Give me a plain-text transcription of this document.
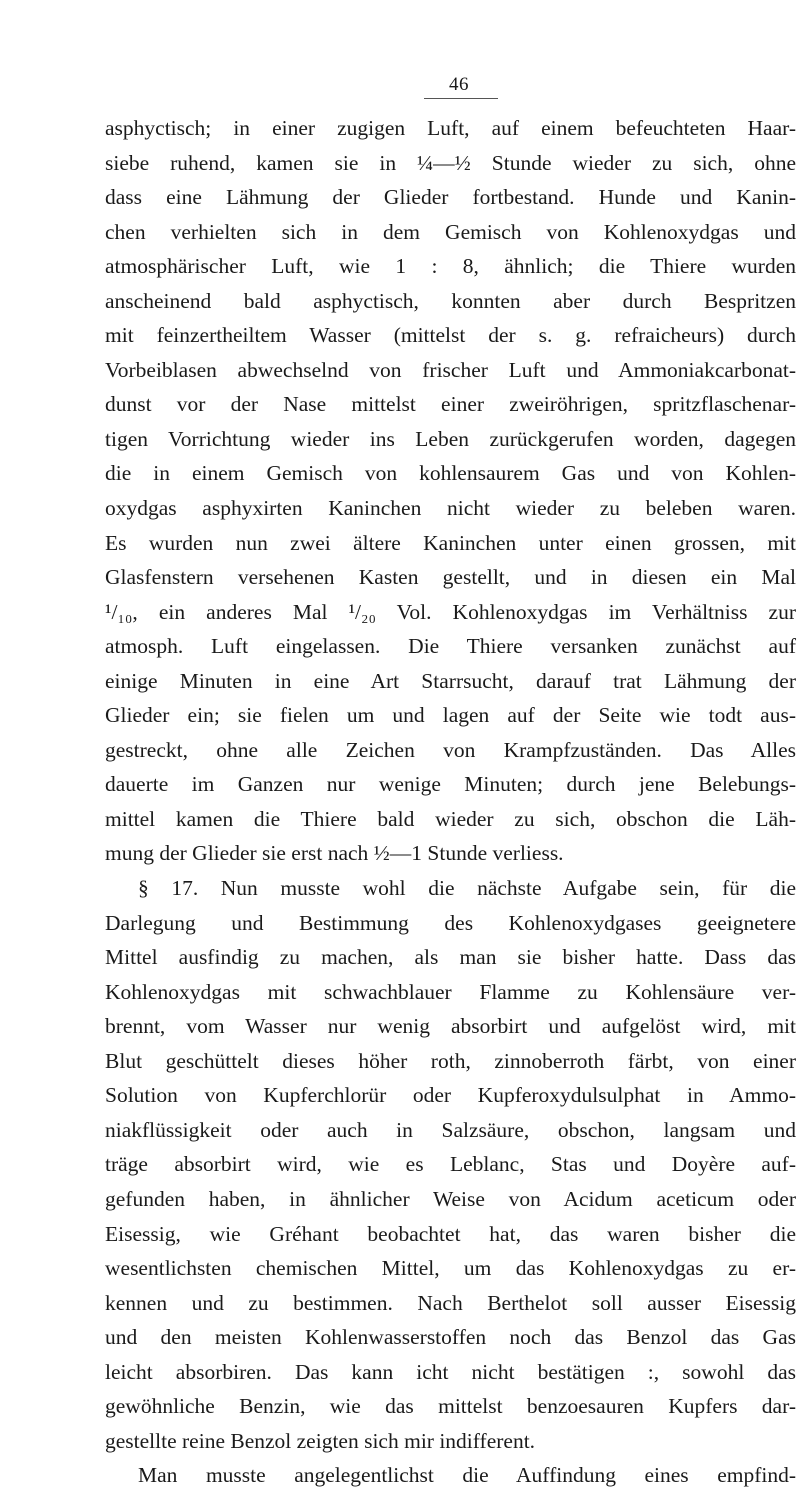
46
asphyctisch; in einer zugigen Luft, auf einem befeuchteten Haar-
siebe ruhend, kamen sie in ¼—½ Stunde wieder zu sich, ohne
dass eine Lähmung der Glieder fortbestand. Hunde und Kanin-
chen verhielten sich in dem Gemisch von Kohlenoxydgas und
atmosphärischer Luft, wie 1 : 8, ähnlich; die Thiere wurden
anscheinend bald asphyctisch, konnten aber durch Bespritzen
mit feinzertheiltem Wasser (mittelst der s. g. refraicheurs) durch
Vorbeiblasen abwechselnd von frischer Luft und Ammoniakcarbonat-
dunst vor der Nase mittelst einer zweiröhrigen, spritzflaschenar-
tigen Vorrichtung wieder ins Leben zurückgerufen worden, dagegen
die in einem Gemisch von kohlensaurem Gas und von Kohlen-
oxydgas asphyxirten Kaninchen nicht wieder zu beleben waren.
Es wurden nun zwei ältere Kaninchen unter einen grossen, mit
Glasfenstern versehenen Kasten gestellt, und in diesen ein Mal
¹/₁₀, ein anderes Mal ¹/₂₀ Vol. Kohlenoxydgas im Verhältniss zur
atmosph. Luft eingelassen. Die Thiere versanken zunächst auf
einige Minuten in eine Art Starrsucht, darauf trat Lähmung der
Glieder ein; sie fielen um und lagen auf der Seite wie todt aus-
gestreckt, ohne alle Zeichen von Krampfzuständen. Das Alles
dauerte im Ganzen nur wenige Minuten; durch jene Belebungs-
mittel kamen die Thiere bald wieder zu sich, obschon die Läh-
mung der Glieder sie erst nach ½—1 Stunde verliess.
§ 17. Nun musste wohl die nächste Aufgabe sein, für die
Darlegung und Bestimmung des Kohlenoxydgases geeignetere
Mittel ausfindig zu machen, als man sie bisher hatte. Dass das
Kohlenoxydgas mit schwachblauer Flamme zu Kohlensäure ver-
brennt, vom Wasser nur wenig absorbirt und aufgelöst wird, mit
Blut geschüttelt dieses höher roth, zinnoberroth färbt, von einer
Solution von Kupferchlorür oder Kupferoxydulsulphat in Ammo-
niakflüssigkeit oder auch in Salzsäure, obschon, langsam und
träge absorbirt wird, wie es Leblanc, Stas und Doyère auf-
gefunden haben, in ähnlicher Weise von Acidum aceticum oder
Eisessig, wie Gréhant beobachtet hat, das waren bisher die
wesentlichsten chemischen Mittel, um das Kohlenoxydgas zu er-
kennen und zu bestimmen. Nach Berthelot soll ausser Eisessig
und den meisten Kohlenwasserstoffen noch das Benzol das Gas
leicht absorbiren. Das kann icht nicht bestätigen :, sowohl das
gewöhnliche Benzin, wie das mittelst benzoesauren Kupfers dar-
gestellte reine Benzol zeigten sich mir indifferent.
Man musste angelegentlichst die Auffindung eines empfind-
